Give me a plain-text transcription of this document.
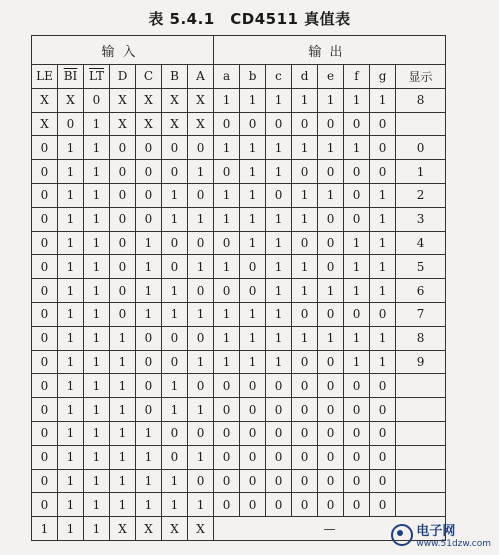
表 5.4.1　CD4511 真值表
输入							输出							
LE	$\overline{BI}$	$\overline{LT}$	D	C	B	A	a	b	c	d	e	f	g	显示
X	X	0	X	X	X	X	1	1	1	1	1	1	1	8
X	0	1	X	X	X	X	0	0	0	0	0	0	0	
0	1	1	0	0	0	0	1	1	1	1	1	1	0	0
0	1	1	0	0	0	1	0	1	1	0	0	0	0	1
0	1	1	0	0	1	0	1	1	0	1	1	0	1	2
0	1	1	0	0	1	1	1	1	1	1	0	0	1	3
0	1	1	0	1	0	0	0	1	1	0	0	1	1	4
0	1	1	0	1	0	1	1	0	1	1	0	1	1	5
0	1	1	0	1	1	0	0	0	1	1	1	1	1	6
0	1	1	0	1	1	1	1	1	1	0	0	0	0	7
0	1	1	1	0	0	0	1	1	1	1	1	1	1	8
0	1	1	1	0	0	1	1	1	1	0	0	1	1	9
0	1	1	1	0	1	0	0	0	0	0	0	0	0	
0	1	1	1	0	1	1	0	0	0	0	0	0	0	
0	1	1	1	1	0	0	0	0	0	0	0	0	0	
0	1	1	1	1	0	1	0	0	0	0	0	0	0	
0	1	1	1	1	1	0	0	0	0	0	0	0	0	
0	1	1	1	1	1	1	0	0	0	0	0	0	0	
1	1	1	X	X	X	X	—								电子网
www.51dzw.com
